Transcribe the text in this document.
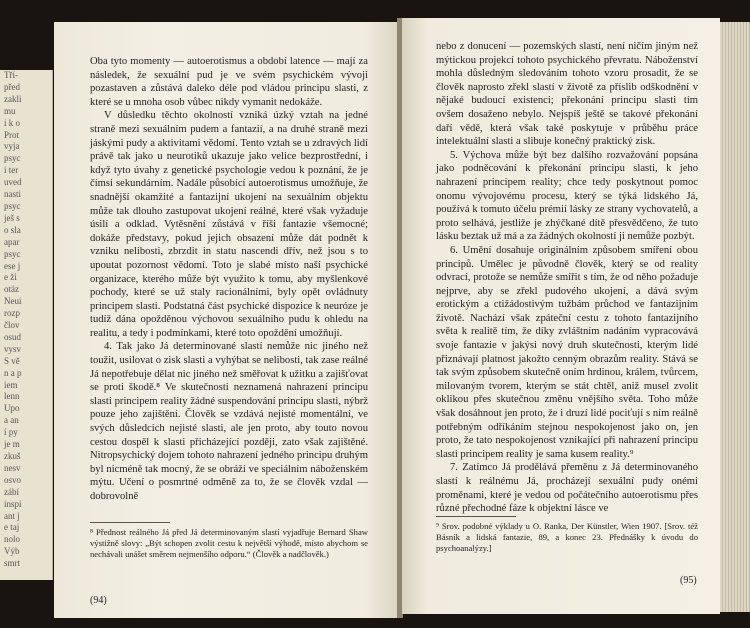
Tří-
před
zakli
mu
i k o
Prot
vyja
psyc
i ter
uved
nasti
psyc
ješ s
o sla
apar
psyc
ese j
e ži
otáz
Neui
rozp
člov
osud
vysv
S vě
n a p
iem
lenn
Upo
a an
í py
je m
zkuš
nesv
osvo
zábí
inspi
ant j
e taj
nolo
Výb
smrt

Oba tyto momenty — autoerotismus a období latence — mají za následek, že sexuální pud je ve svém psychickém vývoji pozastaven a zůstává daleko déle pod vládou principu slasti, z které se u mnoha osob vůbec nikdy vymanit nedokáže.

V důsledku těchto okolností vzniká úzký vztah na jedné straně mezi sexuálním pudem a fantazií, a na druhé straně mezi jáskými pudy a aktivitami vědomí. Tento vztah se u zdravých lidí právě tak jako u neurotiků ukazuje jako velice bezprostřední, i když tyto úvahy z genetické psychologie vedou k poznání, že je čímsi sekundárním. Nadále působící autoerotismus umožňuje, že snadnější okamžité a fantazijní ukojení na sexuálním objektu může tak dlouho zastupovat ukojení reálné, které však vyžaduje úsilí a odklad. Vytěsnění zůstává v říši fantazie všemocné; dokáže představy, pokud jejich obsazení může dát podnět k vzniku nelibosti, zbrzdit in statu nascendi dřív, než jsou s to upoutat pozornost vědomí. Toto je slabé místo naší psychické organizace, kterého může být využito k tomu, aby myšlenkové pochody, které se už staly racionálními, byly opět ovládnuty principem slasti. Podstatná část psychické dispozice k neuróze je tudíž dána opožděnou výchovou sexuálního pudu k ohledu na realitu, a tedy i podmínkami, které toto opoždění umožňují.

4. Tak jako Já determinované slastí nemůže nic jiného než toužit, usilovat o zisk slasti a vyhýbat se nelibosti, tak zase reálné Já nepotřebuje dělat nic jiného než směřovat k užitku a zajišťovat se proti škodě.⁸ Ve skutečnosti neznamená nahrazení principu slasti principem reality žádné suspendování principu slasti, nýbrž pouze jeho zajištění. Člověk se vzdává nejisté momentální, ve svých důsledcích nejisté slasti, ale jen proto, aby touto novou cestou dospěl k slasti přicházející později, zato však zajištěné. Nitropsychický dojem tohoto nahrazení jedného principu druhým byl nicméně tak mocný, že se obráží ve speciálním náboženském mýtu. Učení o posmrtné odměně za to, že se člověk vzdal — dobrovolně

⁸ Přednost reálného Já před Já determinovaným slastí vyjadřuje Bernard Shaw výstižně slovy: „Být schopen zvolit cestu k největší výhodě, místo abychom se nechávali unášet směrem nejmenšího odporu.“ (Člověk a nadčlověk.)
(94)

nebo z donucení — pozemských slastí, není ničím jiným než mýtickou projekcí tohoto psychického převratu. Náboženství mohla důsledným sledováním tohoto vzoru prosadit, že se člověk naprosto zřekl slastí v životě za příslib odškodnění v nějaké budoucí existenci; překonání principu slasti tím ovšem dosaženo nebylo. Nejspíš ještě se takové překonání daří vědě, která však také poskytuje v průběhu práce intelektuální slasti a slibuje konečný praktický zisk.

5. Výchova může být bez dalšího rozvažování popsána jako podněcování k překonání principu slasti, k jeho nahrazení principem reality; chce tedy poskytnout pomoc onomu vývojovému procesu, který se týká lidského Já, používá k tomuto účelu prémií lásky ze strany vychovatelů, a proto selhává, jestliže je zhýčkané dítě přesvědčeno, že tuto lásku beztak už má a za žádných okolností ji nemůže pozbýt.

6. Umění dosahuje originálním způsobem smíření obou principů. Umělec je původně člověk, který se od reality odvrací, protože se nemůže smířit s tím, že od něho požaduje nejprve, aby se zřekl pudového ukojení, a dává svým erotickým a ctižádostivým tužbám průchod ve fantazijním životě. Nachází však zpáteční cestu z tohoto fantazijního světa k realitě tím, že díky zvláštním nadáním vypracovává svoje fantazie v jakýsi nový druh skutečnosti, kterým lidé přiznávají platnost jakožto cenným obrazům reality. Stává se tak svým způsobem skutečně oním hrdinou, králem, tvůrcem, milovaným tvorem, kterým se stát chtěl, aniž musel zvolit oklikou přes skutečnou změnu vnějšího světa. Toho může však dosáhnout jen proto, že i druzí lidé pociťují s ním reálně potřebným odříkáním stejnou nespokojenost jako on, jen proto, že tato nespokojenost vznikající při nahrazení principu slasti principem reality je sama kusem reality.⁹

7. Zatímco Já prodělává přeměnu z Já determinovaného slastí k reálnému Já, procházejí sexuální pudy onémi proměnami, které je vedou od počátečního autoerotismu přes různé přechodné fáze k objektní lásce ve

⁹ Srov. podobné výklady u O. Ranka, Der Künstler, Wien 1907. [Srov. též Básník a lidská fantazie, 89, a konec 23. Přednášky k úvodu do psychoanalýzy.]
(95)
